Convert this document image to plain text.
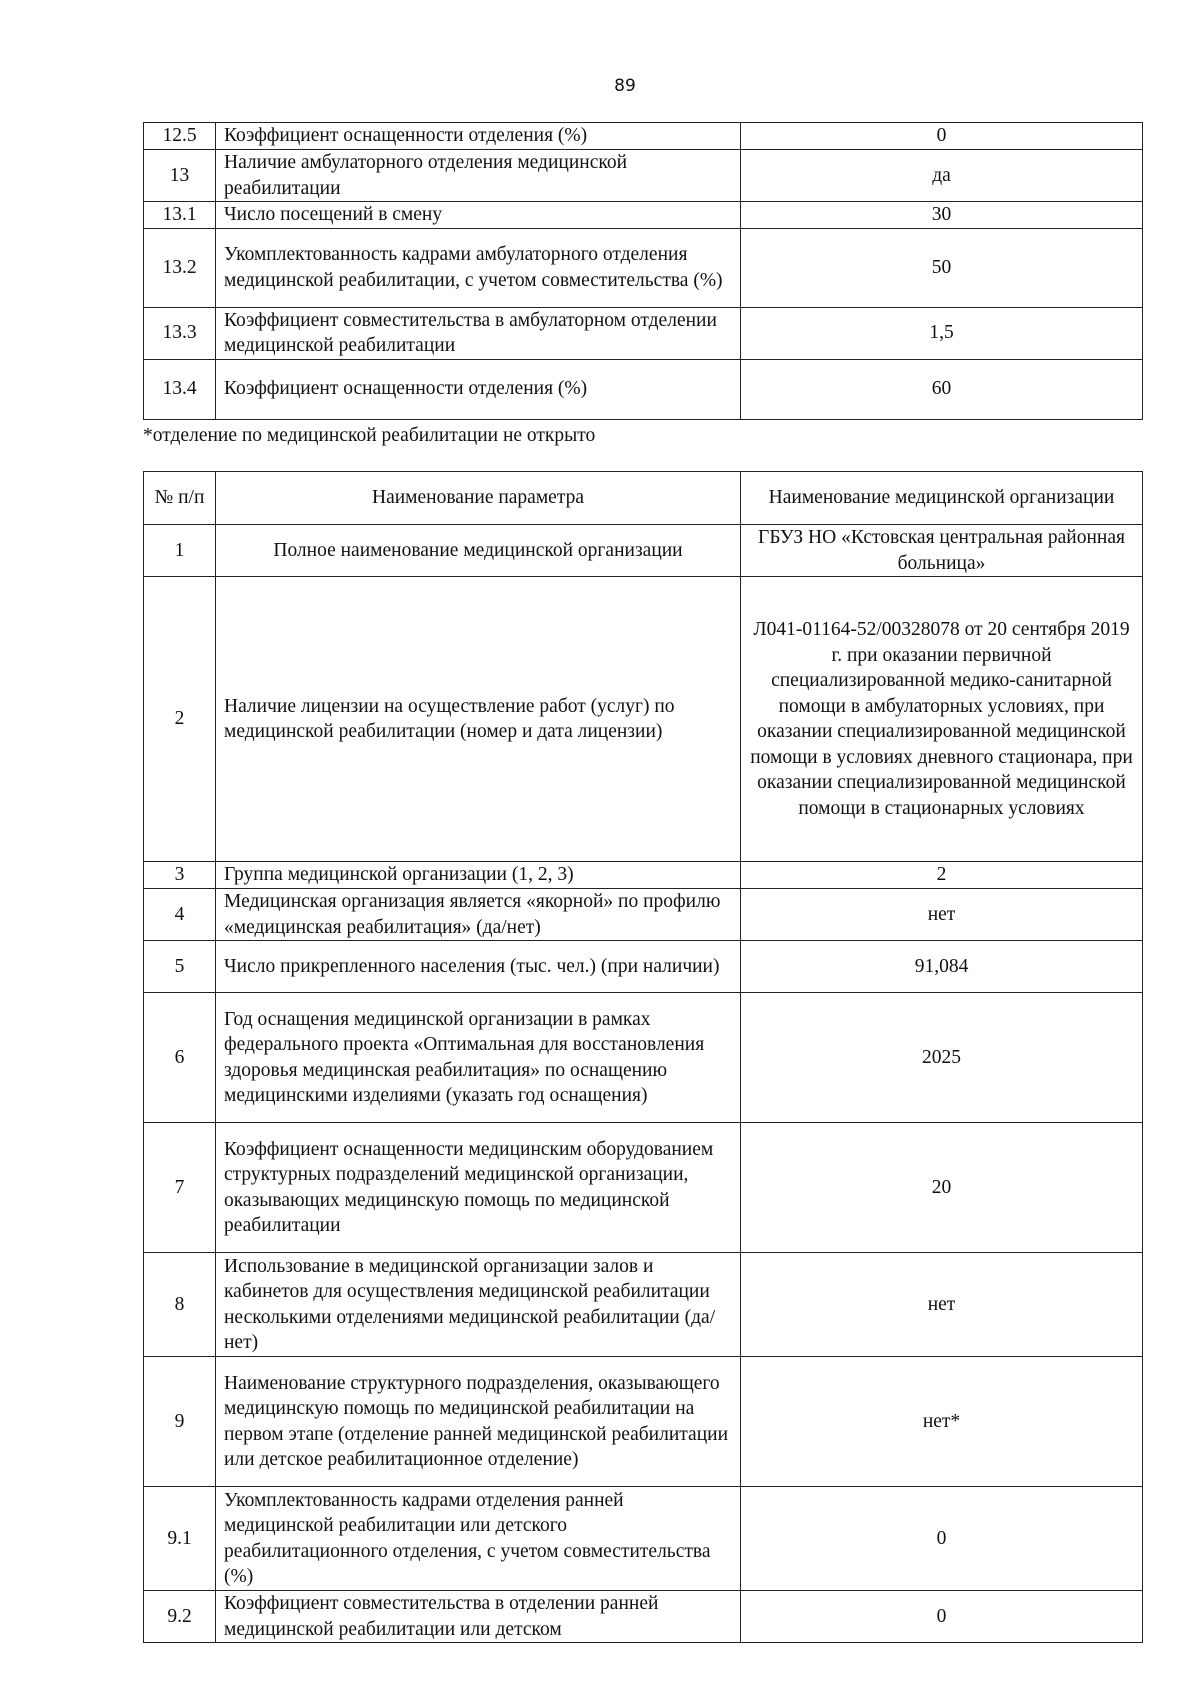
89
12.5	Коэффициент оснащенности отделения (%)	0
13	Наличие амбулаторного отделения медицинской реабилитации	да
13.1	Число посещений в смену	30
13.2	Укомплектованность кадрами амбулаторного отделения медицинской реабилитации, с учетом совместительства (%)	50
13.3	Коэффициент совместительства в амбулаторном отделении медицинской реабилитации	1,5
13.4	Коэффициент оснащенности отделения (%)	60
*отделение по медицинской реабилитации не открыто
№ п/п	Наименование параметра	Наименование медицинской организации
1	Полное наименование медицинской организации	ГБУЗ НО «Кстовская центральная районная больница»
2	Наличие лицензии на осуществление работ (услуг) по медицинской реабилитации (номер и дата лицензии)	Л041-01164-52/00328078 от 20 сентября 2019 г. при оказании первичной специализированной медико-санитарной помощи в амбулаторных условиях, при оказании специализированной медицинской помощи в условиях дневного стационара, при оказании специализированной медицинской помощи в стационарных условиях
3	Группа медицинской организации (1, 2, 3)	2
4	Медицинская организация является «якорной» по профилю «медицинская реабилитация» (да/нет)	нет
5	Число прикрепленного населения (тыс. чел.) (при наличии)	91,084
6	Год оснащения медицинской организации в рамках федерального проекта «Оптимальная для восстановления здоровья медицинская реабилитация» по оснащению медицинскими изделиями (указать год оснащения)	2025
7	Коэффициент оснащенности медицинским оборудованием структурных подразделений медицинской организации, оказывающих медицинскую помощь по медицинской реабилитации	20
8	Использование в медицинской организации залов и кабинетов для осуществления медицинской реабилитации несколькими отделениями медицинской реабилитации (да/нет)	нет
9	Наименование структурного подразделения, оказывающего медицинскую помощь по медицинской реабилитации на первом этапе (отделение ранней медицинской реабилитации или детское реабилитационное отделение)	нет*
9.1	Укомплектованность кадрами отделения ранней медицинской реабилитации или детского реабилитационного отделения, с учетом совместительства (%)	0
9.2	Коэффициент совместительства в отделении ранней медицинской реабилитации или детском	0
